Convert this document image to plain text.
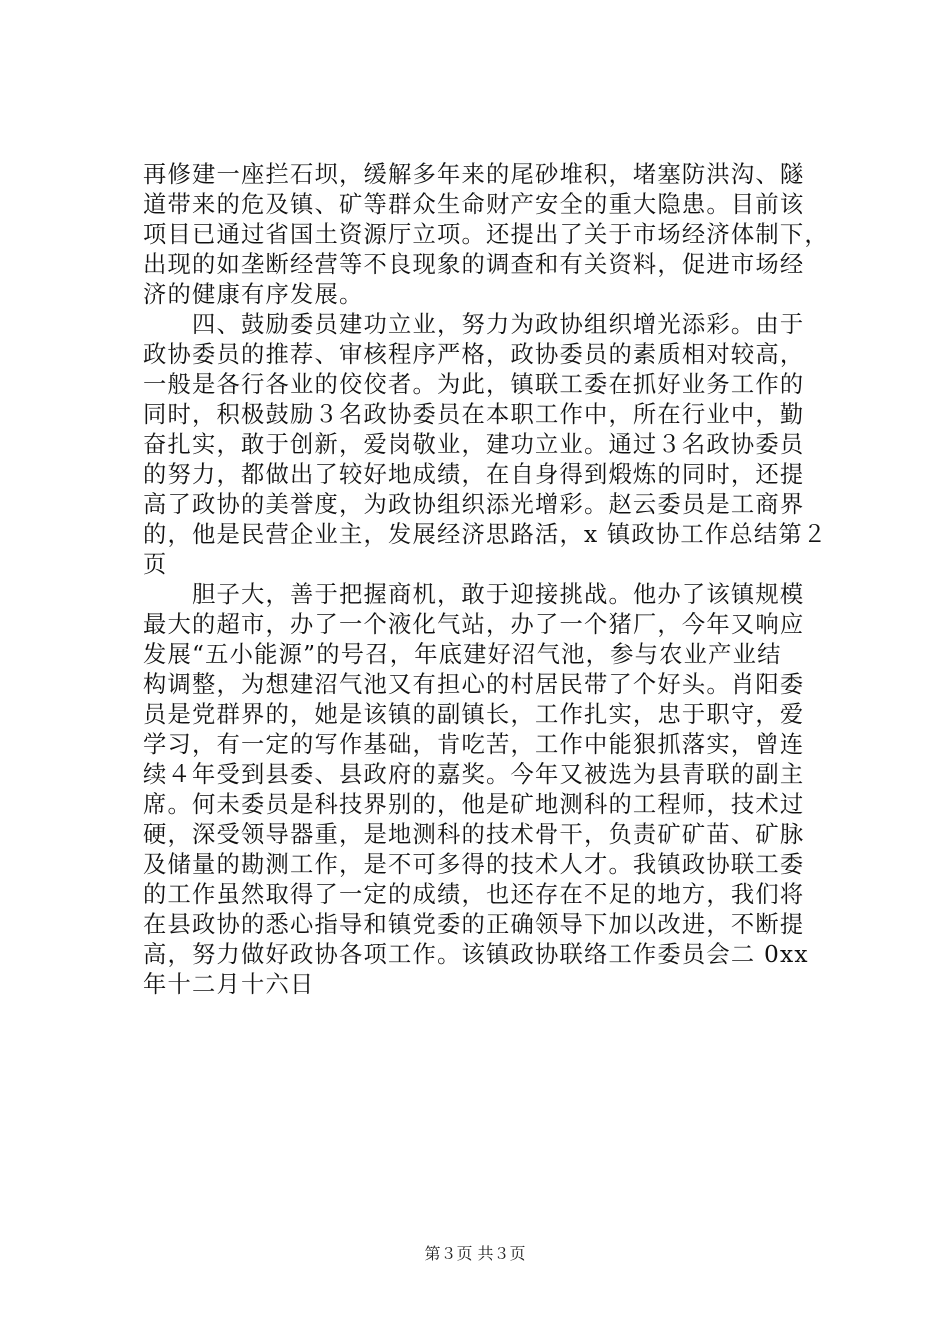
再修建一座拦石坝，缓解多年来的尾砂堆积，堵塞防洪沟、隧
道带来的危及镇、矿等群众生命财产安全的重大隐患。目前该
项目已通过省国土资源厅立项。还提出了关于市场经济体制下，
出现的如垄断经营等不良现象的调查和有关资料，促进市场经
济的健康有序发展。
　　四、鼓励委员建功立业，努力为政协组织增光添彩。由于
政协委员的推荐、审核程序严格，政协委员的素质相对较高，
一般是各行各业的佼佼者。为此，镇联工委在抓好业务工作的
同时，积极鼓励３名政协委员在本职工作中，所在行业中，勤
奋扎实，敢于创新，爱岗敬业，建功立业。通过３名政协委员
的努力，都做出了较好地成绩，在自身得到煅炼的同时，还提
高了政协的美誉度，为政协组织添光增彩。赵云委员是工商界
的，他是民营企业主，发展经济思路活，x 镇政协工作总结第２
页
　　胆子大，善于把握商机，敢于迎接挑战。他办了该镇规模
最大的超市，办了一个液化气站，办了一个猪厂，今年又响应
发展“五小能源”的号召，年底建好沼气池，参与农业产业结
构调整，为想建沼气池又有担心的村居民带了个好头。肖阳委
员是党群界的，她是该镇的副镇长，工作扎实，忠于职守，爱
学习，有一定的写作基础，肯吃苦，工作中能狠抓落实，曾连
续４年受到县委、县政府的嘉奖。今年又被选为县青联的副主
席。何未委员是科技界别的，他是矿地测科的工程师，技术过
硬，深受领导器重，是地测科的技术骨干，负责矿矿苗、矿脉
及储量的勘测工作，是不可多得的技术人才。我镇政协联工委
的工作虽然取得了一定的成绩，也还存在不足的地方，我们将
在县政协的悉心指导和镇党委的正确领导下加以改进，不断提
高，努力做好政协各项工作。该镇政协联络工作委员会二 0xx
年十二月十六日
第３页 共３页
